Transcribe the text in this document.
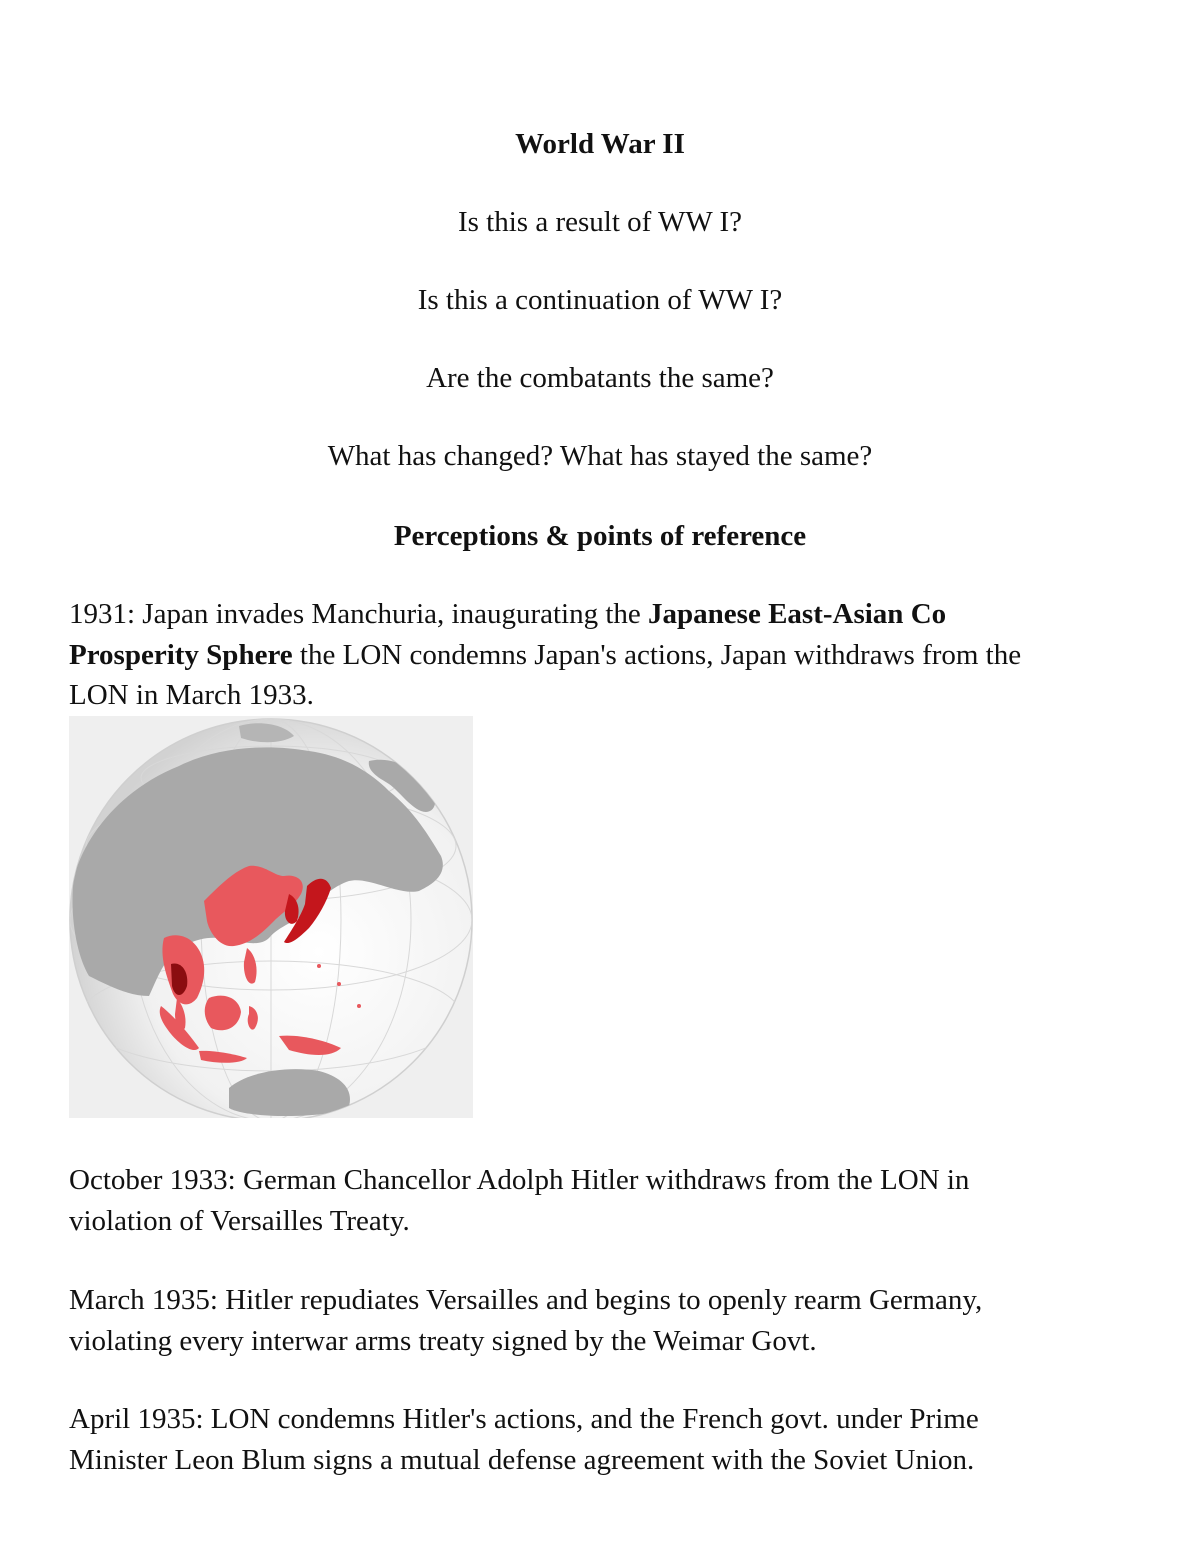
World War II
Is this a result of WW I?
Is this a continuation of WW I?
Are the combatants the same?
What has changed? What has stayed the same?
Perceptions & points of reference
1931: Japan invades Manchuria, inaugurating the Japanese East-Asian Co
Prosperity Sphere the LON condemns Japan's actions, Japan withdraws from the
LON in March 1933.
October 1933: German Chancellor Adolph Hitler withdraws from the LON in
violation of Versailles Treaty.
March 1935: Hitler repudiates Versailles and begins to openly rearm Germany,
violating every interwar arms treaty signed by the Weimar Govt.
April 1935: LON condemns Hitler's actions, and the French govt. under Prime
Minister Leon Blum signs a mutual defense agreement with the Soviet Union.
